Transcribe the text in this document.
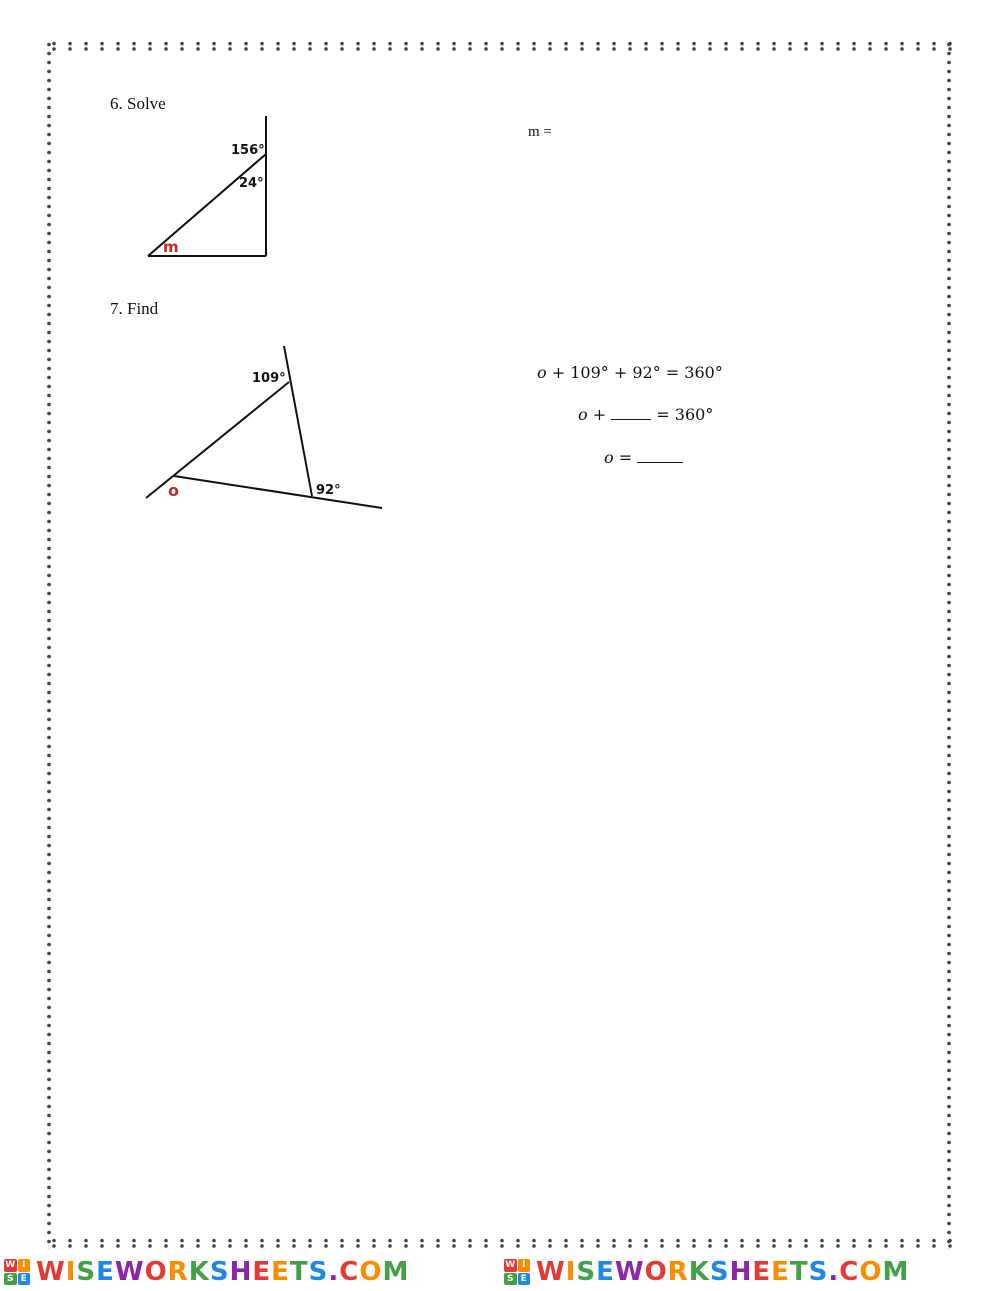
6. Solve
m =
156°
24°
m
7. Find
109°
92°
o
o + 109° + 92° = 360°
o +	= 360°
o =
W I
S E WISEWORKSHEETS.COM	W I
S E WISEWORKSHEETS.COM
